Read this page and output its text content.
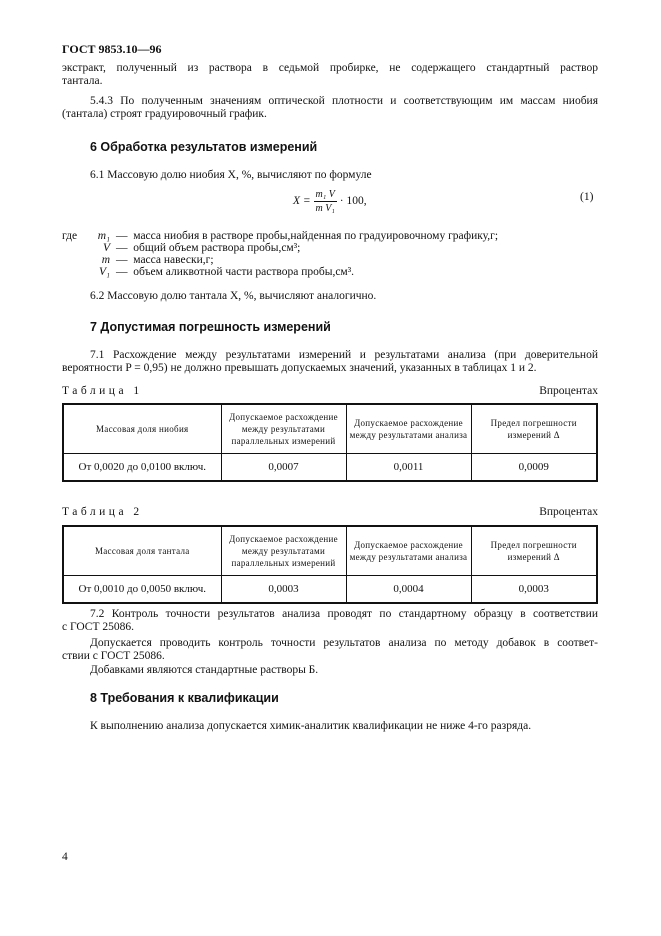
ГОСТ 9853.10—96
экстракт, полученный из раствора в седьмой пробирке, не содержащего стандартный раствор
тантала.
5.4.3 По полученным значениям оптической плотности и соответствующим им массам ниобия
(тантала) строят градуировочный график.
6 Обработка результатов измерений
6.1 Массовую долю ниобия X, %, вычисляют по формуле
$X = \frac{\text{m₁ V}}{\text{m V₁}} \cdot 100$,	(1)
где	m₁ —  масса ниобия в растворе пробы,найденная по градуировочному графику,г;
V —  общий объем раствора пробы,см³;
m —  масса навески,г;
V₁ —  объем аликвотной части раствора пробы,см³.
6.2 Массовую долю тантала X, %, вычисляют аналогично.
7 Допустимая погрешность измерений
7.1 Расхождение между результатами измерений и результатами анализа (при доверительной
вероятности P = 0,95) не должно превышать допускаемых значений, указанных в таблицах 1 и 2.
Таблица 1	Впроцентах
Массовая доля ниобия	Допускаемое расхождение между результатами параллельных измерений	Допускаемое расхождение между результатами анализа	Предел погрешности измерений Δ
От 0,0020 до 0,0100 включ.	0,0007	0,0011	0,0009
Таблица 2	Впроцентах
Массовая доля тантала	Допускаемое расхождение между результатами параллельных измерений	Допускаемое расхождение между результатами анализа	Предел погрешности измерений Δ
От 0,0010 до 0,0050 включ.	0,0003	0,0004	0,0003
7.2 Контроль точности результатов анализа проводят по стандартному образцу в соответствии
с ГОСТ 25086.
Допускается проводить контроль точности результатов анализа по методу добавок в соответ-
ствии с ГОСТ 25086.
Добавками являются стандартные растворы Б.
8 Требования к квалификации
К выполнению анализа допускается химик-аналитик квалификации не ниже 4-го разряда.
4
